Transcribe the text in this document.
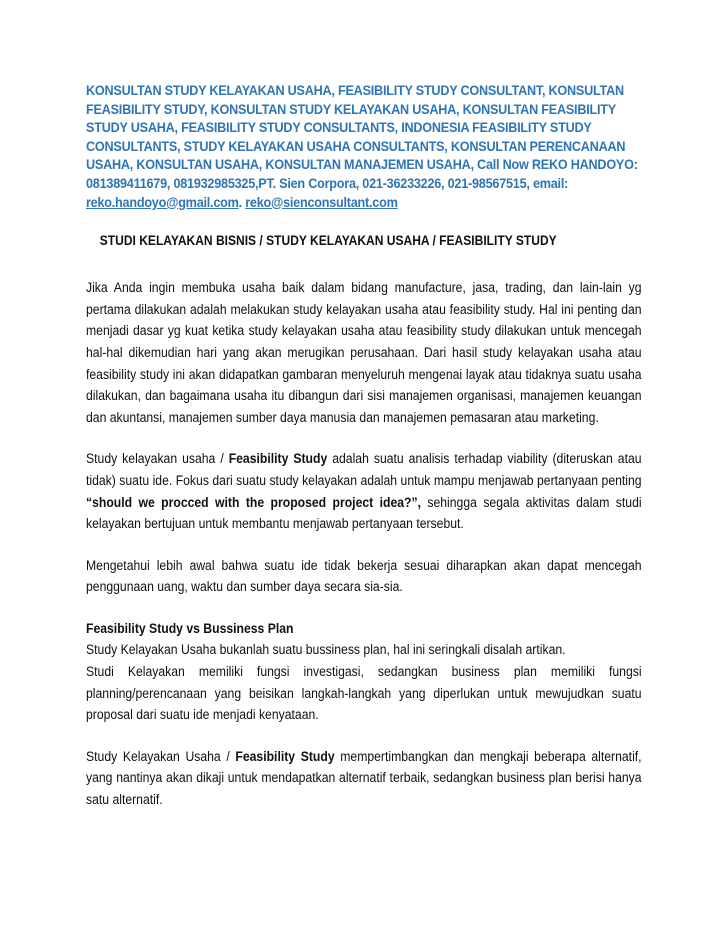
KONSULTAN STUDY KELAYAKAN USAHA, FEASIBILITY STUDY CONSULTANT, KONSULTAN FEASIBILITY STUDY, KONSULTAN STUDY KELAYAKAN USAHA, KONSULTAN FEASIBILITY STUDY USAHA, FEASIBILITY STUDY CONSULTANTS, INDONESIA FEASIBILITY STUDY CONSULTANTS, STUDY KELAYAKAN USAHA CONSULTANTS, KONSULTAN PERENCANAAN USAHA, KONSULTAN USAHA, KONSULTAN MANAJEMEN USAHA, Call Now REKO HANDOYO: 081389411679, 081932985325,PT. Sien Corpora, 021-36233226, 021-98567515, email: reko.handoyo@gmail.com. reko@sienconsultant.com
STUDI KELAYAKAN BISNIS / STUDY KELAYAKAN USAHA / FEASIBILITY STUDY

Jika Anda ingin membuka usaha baik dalam bidang manufacture, jasa, trading, dan lain-lain yg pertama dilakukan adalah melakukan study kelayakan usaha atau feasibility study. Hal ini penting dan menjadi dasar yg kuat ketika study kelayakan usaha atau feasibility study dilakukan untuk mencegah hal-hal dikemudian hari yang akan merugikan perusahaan. Dari hasil study kelayakan usaha atau feasibility study ini akan didapatkan gambaran menyeluruh mengenai layak atau tidaknya suatu usaha dilakukan, dan bagaimana usaha itu dibangun dari sisi manajemen organisasi, manajemen keuangan dan akuntansi, manajemen sumber daya manusia dan manajemen pemasaran atau marketing.

Study kelayakan usaha / Feasibility Study adalah suatu analisis terhadap viability (diteruskan atau tidak) suatu ide. Fokus dari suatu study kelayakan adalah untuk mampu menjawab pertanyaan penting “should we procced with the proposed project idea?”, sehingga segala aktivitas dalam studi kelayakan bertujuan untuk membantu menjawab pertanyaan tersebut.

Mengetahui lebih awal bahwa suatu ide tidak bekerja sesuai diharapkan akan dapat mencegah penggunaan uang, waktu dan sumber daya secara sia-sia.

Feasibility Study vs Bussiness Plan

Study Kelayakan Usaha bukanlah suatu bussiness plan, hal ini seringkali disalah artikan.

Studi Kelayakan memiliki fungsi investigasi, sedangkan business plan memiliki fungsi planning/perencanaan yang beisikan langkah-langkah yang diperlukan untuk mewujudkan suatu proposal dari suatu ide menjadi kenyataan.

Study Kelayakan Usaha / Feasibility Study mempertimbangkan dan mengkaji beberapa alternatif, yang nantinya akan dikaji untuk mendapatkan alternatif terbaik, sedangkan business plan berisi hanya satu alternatif.
